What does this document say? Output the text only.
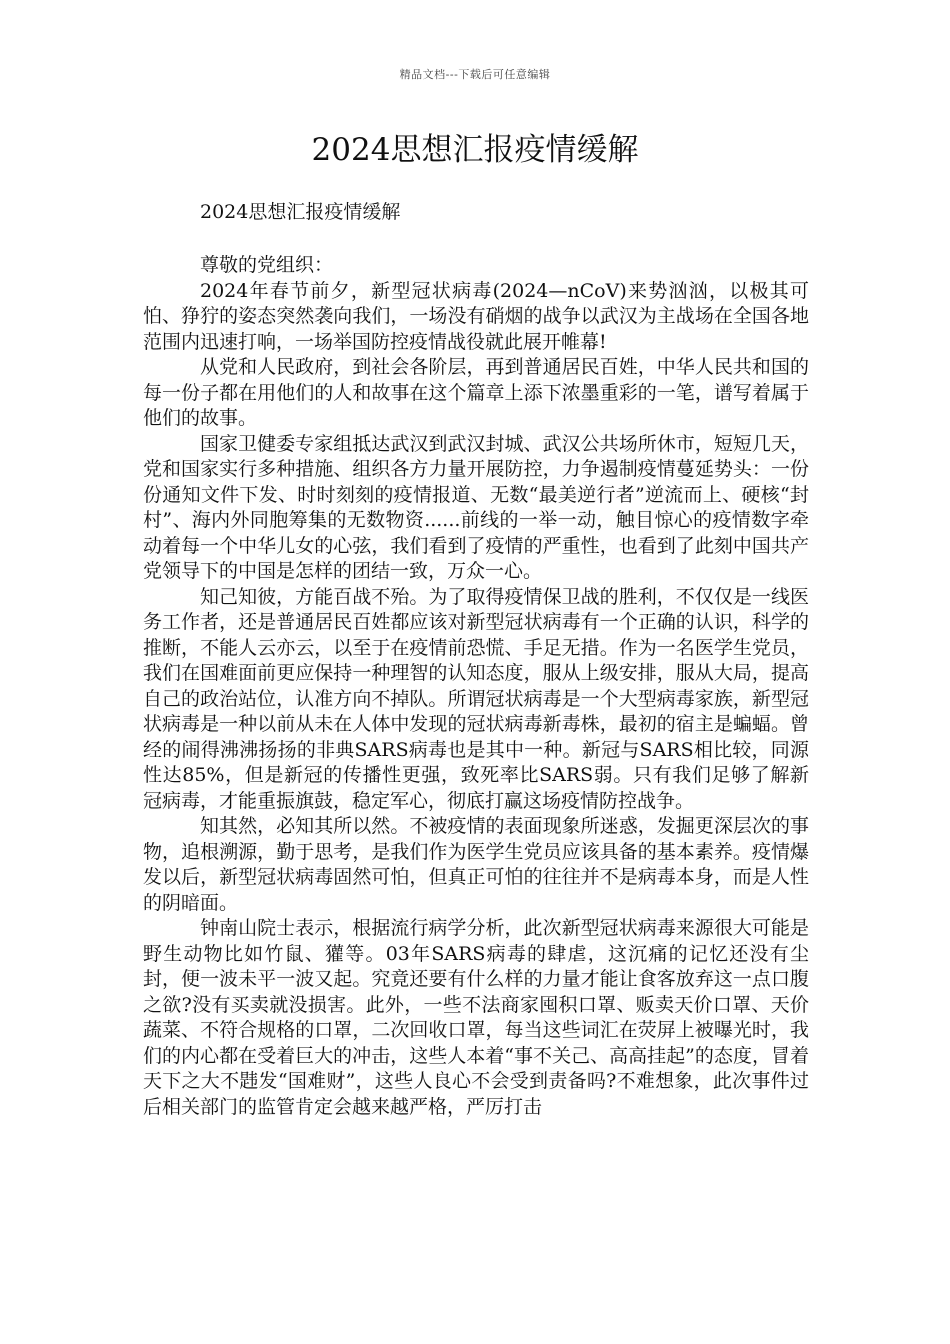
精品文档---下载后可任意编辑
2024思想汇报疫情缓解

2024思想汇报疫情缓解

尊敬的党组织：

2024年春节前夕，新型冠状病毒(2024—nCoV)来势汹汹，以极其可怕、狰狞的姿态突然袭向我们，一场没有硝烟的战争以武汉为主战场在全国各地范围内迅速打响，一场举国防控疫情战役就此展开帷幕!

从党和人民政府，到社会各阶层，再到普通居民百姓，中华人民共和国的每一份子都在用他们的人和故事在这个篇章上添下浓墨重彩的一笔，谱写着属于他们的故事。

国家卫健委专家组抵达武汉到武汉封城、武汉公共场所休市，短短几天，党和国家实行多种措施、组织各方力量开展防控，力争遏制疫情蔓延势头：一份份通知文件下发、时时刻刻的疫情报道、无数“最美逆行者”逆流而上、硬核“封村”、海内外同胞筹集的无数物资......前线的一举一动，触目惊心的疫情数字牵动着每一个中华儿女的心弦，我们看到了疫情的严重性，也看到了此刻中国共产党领导下的中国是怎样的团结一致，万众一心。

知己知彼，方能百战不殆。为了取得疫情保卫战的胜利，不仅仅是一线医务工作者，还是普通居民百姓都应该对新型冠状病毒有一个正确的认识，科学的推断，不能人云亦云，以至于在疫情前恐慌、手足无措。作为一名医学生党员，我们在国难面前更应保持一种理智的认知态度，服从上级安排，服从大局，提高自己的政治站位，认准方向不掉队。所谓冠状病毒是一个大型病毒家族，新型冠状病毒是一种以前从未在人体中发现的冠状病毒新毒株，最初的宿主是蝙蝠。曾经的闹得沸沸扬扬的非典SARS病毒也是其中一种。新冠与SARS相比较，同源性达85%，但是新冠的传播性更强，致死率比SARS弱。只有我们足够了解新冠病毒，才能重振旗鼓，稳定军心，彻底打赢这场疫情防控战争。

知其然，必知其所以然。不被疫情的表面现象所迷惑，发掘更深层次的事物，追根溯源，勤于思考，是我们作为医学生党员应该具备的基本素养。疫情爆发以后，新型冠状病毒固然可怕，但真正可怕的往往并不是病毒本身，而是人性的阴暗面。

钟南山院士表示，根据流行病学分析，此次新型冠状病毒来源很大可能是野生动物比如竹鼠、獾等。03年SARS病毒的肆虐，这沉痛的记忆还没有尘封，便一波未平一波又起。究竟还要有什么样的力量才能让食客放弃这一点口腹之欲?没有买卖就没损害。此外，一些不法商家囤积口罩、贩卖天价口罩、天价蔬菜、不符合规格的口罩，二次回收口罩，每当这些词汇在荧屏上被曝光时，我们的内心都在受着巨大的冲击，这些人本着“事不关己、高高挂起”的态度，冒着天下之大不韪发“国难财”，这些人良心不会受到责备吗?不难想象，此次事件过后相关部门的监管肯定会越来越严格，严厉打击
